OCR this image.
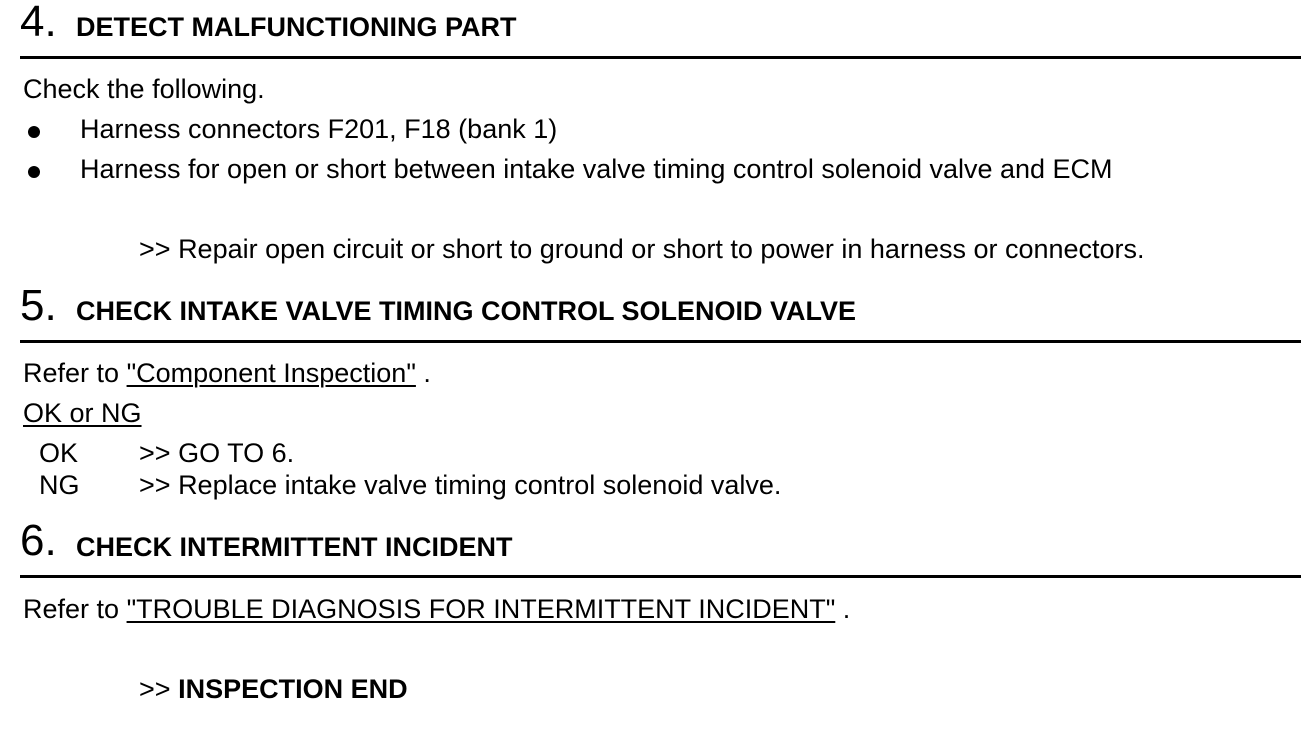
4. DETECT MALFUNCTIONING PART
Check the following.
Harness connectors F201, F18 (bank 1)
Harness for open or short between intake valve timing control solenoid valve and ECM
>> Repair open circuit or short to ground or short to power in harness or connectors.
5. CHECK INTAKE VALVE TIMING CONTROL SOLENOID VALVE
Refer to "Component Inspection" .
OK or NG
OK >> GO TO 6.
NG >> Replace intake valve timing control solenoid valve.
6. CHECK INTERMITTENT INCIDENT
Refer to "TROUBLE DIAGNOSIS FOR INTERMITTENT INCIDENT" .
>> INSPECTION END
